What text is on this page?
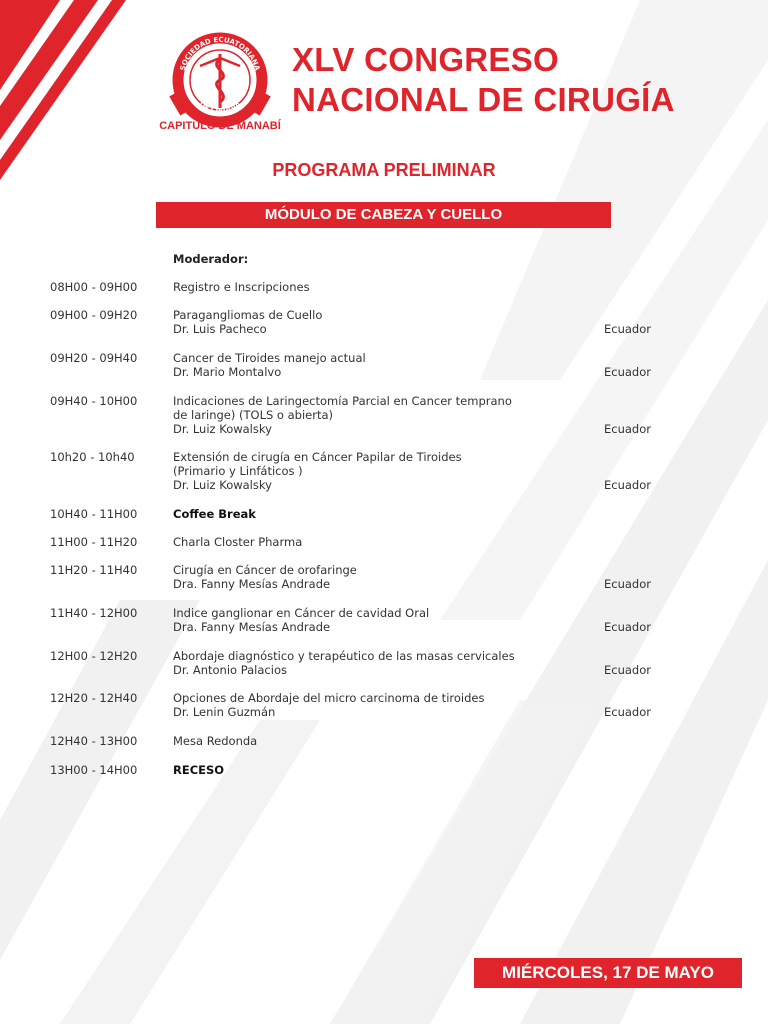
SOCIEDAD ECUATORIANA
DE CIRUGIA
CAPITULO DE MANABÍ
XLV CONGRESO
NACIONAL DE CIRUGÍA
PROGRAMA PRELIMINAR
MÓDULO DE CABEZA Y CUELLO
Moderador:
08H00 - 09H00	Registro e Inscripciones
09H00 - 09H20	Paragangliomas de Cuello
Dr. Luis Pacheco	Ecuador
09H20 - 09H40	Cancer de Tiroides manejo actual
Dr. Mario Montalvo	Ecuador
09H40 - 10H00	Indicaciones de Laringectomía Parcial en Cancer temprano
de laringe) (TOLS o abierta)
Dr. Luiz Kowalsky	Ecuador
10h20 - 10h40	Extensión de cirugía en Cáncer Papilar de Tiroides
(Primario y Linfáticos )
Dr. Luiz Kowalsky	Ecuador
10H40 - 11H00	Coffee Break
11H00 - 11H20	Charla Closter Pharma
11H20 - 11H40	Cirugía en Cáncer de orofaringe
Dra. Fanny Mesías Andrade	Ecuador
11H40 - 12H00	Indice ganglionar en Cáncer de cavidad Oral
Dra. Fanny Mesías Andrade	Ecuador
12H00 - 12H20	Abordaje diagnóstico y terapéutico de las masas cervicales
Dr. Antonio Palacios	Ecuador
12H20 - 12H40	Opciones de Abordaje del micro carcinoma de tiroides
Dr. Lenin Guzmán	Ecuador
12H40 - 13H00	Mesa Redonda
13H00 - 14H00	RECESO
MIÉRCOLES, 17 DE MAYO
